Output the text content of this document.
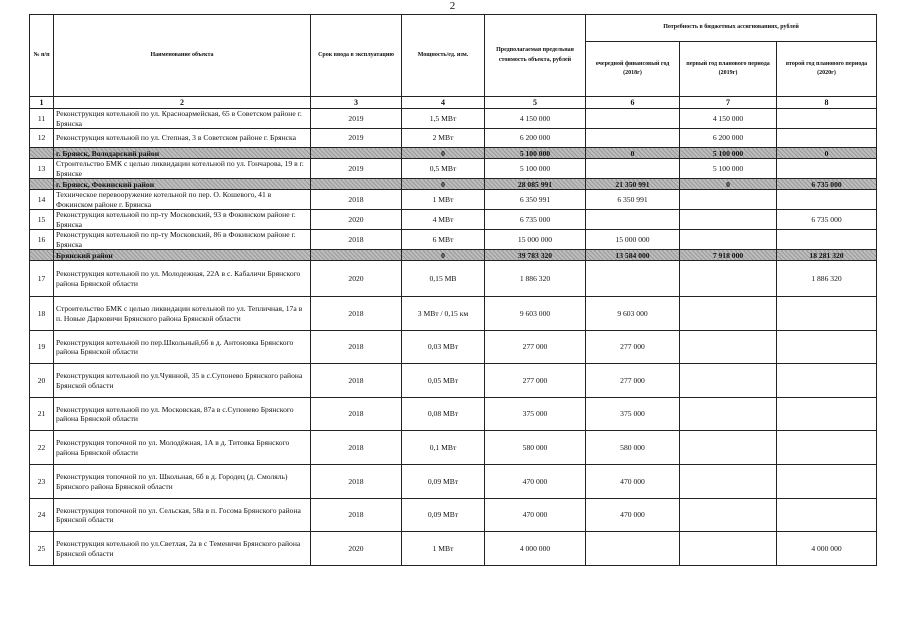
2
№ п/п	Наименование объекта	Срок ввода в эксплуатацию	Мощность/ед. изм.	Предполагаемая предельная стоимость объекта, рублей	Потребность в бюджетных ассигнованиях, рублей		
					очередной финансовый год (2018г)	первый год планового периода (2019г)	второй год планового периода (2020г)
1	2	3	4	5	6	7	8
11	Реконструкция котельной по ул. Красноармейская, 65 в Советском районе г. Брянска	2019	1,5 МВт	4 150 000		4 150 000	
12	Реконструкция котельной по ул. Степная, 3 в Советском районе г. Брянска	2019	2 МВт	6 200 000		6 200 000	
	г. Брянск, Володарский район		0	5 100 000	0	5 100 000	0
13	Строительство БМК с целью ликвидации котельной по ул. Гончарова, 19 в г. Брянске	2019	0,5 МВт	5 100 000		5 100 000	
	г. Брянск, Фокинский район		0	28 085 991	21 350 991	0	6 735 000
14	Техническое перевооружение котельной по пер. О. Кошевого, 41 в Фокинском районе г. Брянска	2018	1 МВт	6 350 991	6 350 991		
15	Реконструкция котельной по пр-ту Московский, 93 в Фокинском районе г. Брянска	2020	4 МВт	6 735 000			6 735 000
16	Реконструкция котельной по пр-ту Московский, 86 в Фокинском районе г. Брянска	2018	6 МВт	15 000 000	15 000 000		
	Брянский район		0	39 783 320	13 584 000	7 918 000	18 281 320
17	Реконструкция котельной по ул. Молодежная, 22А в с. Кабаличи Брянского района Брянской области	2020	0,15 МВ	1 886 320			1 886 320
18	Строительство БМК с целью ликвидации котельной по ул. Тепличная, 17а в п. Новые Дарковичи Брянского района Брянской области	2018	3 МВт / 0,15 км	9 603 000	9 603 000		
19	Реконструкция котельной по пер.Школьный,6б в д. Антоновка Брянского района Брянской области	2018	0,03 МВт	277 000	277 000		
20	Реконструкция котельной по ул.Чуянной, 35 в с.Супонево Брянского района Брянской области	2018	0,05 МВт	277 000	277 000		
21	Реконструкция котельной по ул. Московская, 87а в с.Супонево Брянского района Брянской области	2018	0,08 МВт	375 000	375 000		
22	Реконструкция топочной по ул. Молодёжная, 1А в д. Титовка Брянского района Брянской области	2018	0,1 МВт	580 000	580 000		
23	Реконструкция топочной по ул. Школьная, 6б в д. Городец (д. Смоляль) Брянского района Брянской области	2018	0,09 МВт	470 000	470 000		
24	Реконструкция топочной по ул. Сельская, 58а в п. Госома Брянского района Брянской области	2018	0,09 МВт	470 000	470 000		
25	Реконструкция котельной по ул.Светлая, 2а в с Теменичи Брянского района Брянской области	2020	1 МВт	4 000 000			4 000 000
